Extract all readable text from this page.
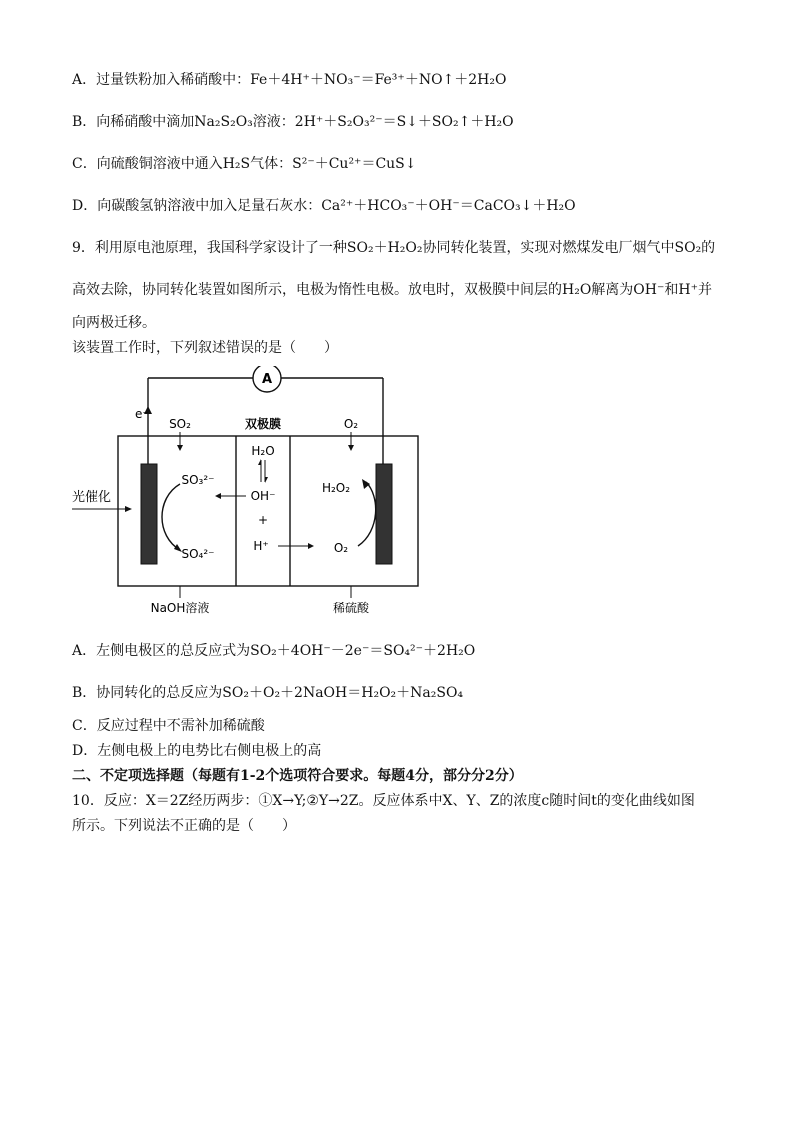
A．过量铁粉加入稀硝酸中：Fe＋4H⁺＋NO₃⁻＝Fe³⁺＋NO↑＋2H₂O
B．向稀硝酸中滴加Na₂S₂O₃溶液：2H⁺＋S₂O₃²⁻＝S↓＋SO₂↑＋H₂O
C．向硫酸铜溶液中通入H₂S气体：S²⁻＋Cu²⁺＝CuS↓
D．向碳酸氢钠溶液中加入足量石灰水：Ca²⁺＋HCO₃⁻＋OH⁻＝CaCO₃↓＋H₂O
9．利用原电池原理，我国科学家设计了一种SO₂＋H₂O₂协同转化装置，实现对燃煤发电厂烟气中SO₂的
高效去除，协同转化装置如图所示，电极为惰性电极。放电时，双极膜中间层的H₂O解离为OH⁻和H⁺并
向两极迁移。
该装置工作时，下列叙述错误的是（　　）
A
e⁻
SO₂	双极膜	O₂
H₂O
OH⁻
+
H⁺
SO₃²⁻
SO₄²⁻
光催化
H₂O₂
O₂
NaOH溶液	稀硫酸
A．左侧电极区的总反应式为SO₂＋4OH⁻－2e⁻＝SO₄²⁻＋2H₂O
B．协同转化的总反应为SO₂＋O₂＋2NaOH＝H₂O₂＋Na₂SO₄
C．反应过程中不需补加稀硫酸
D．左侧电极上的电势比右侧电极上的高
二、不定项选择题（每题有1-2个选项符合要求。每题4分，部分分2分）
10．反应：X＝2Z经历两步：①X→Y;②Y→2Z。反应体系中X、Y、Z的浓度c随时间t的变化曲线如图
所示。下列说法不正确的是（　　）
